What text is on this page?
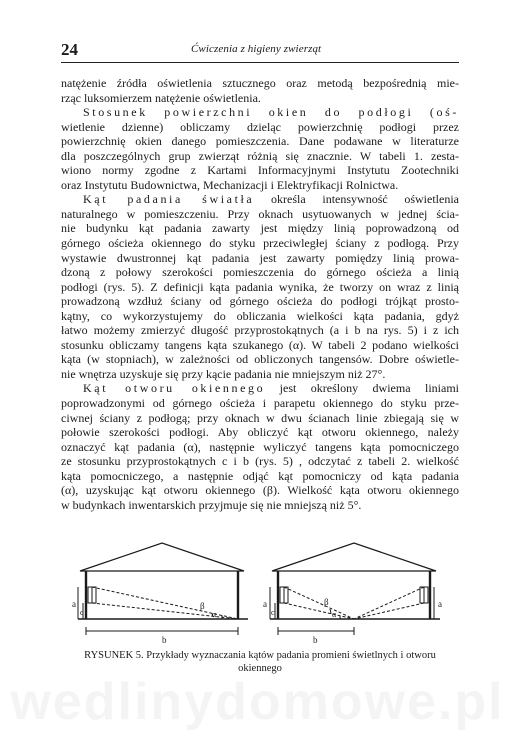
24	Ćwiczenia z higieny zwierząt
natężenie źródła oświetlenia sztucznego oraz metodą bezpośrednią mie-
rząc luksomierzem natężenie oświetlenia.
Stosunek powierzchni okien do podłogi (oś-
wietlenie dzienne) obliczamy dzieląc powierzchnię podłogi przez
powierzchnię okien danego pomieszczenia. Dane podawane w literaturze
dla poszczególnych grup zwierząt różnią się znacznie. W tabeli 1. zesta-
wiono normy zgodne z Kartami Informacyjnymi Instytutu Zootechniki
oraz Instytutu Budownictwa, Mechanizacji i Elektryfikacji Rolnictwa.
Kąt padania światła określa intensywność oświetlenia
naturalnego w pomieszczeniu. Przy oknach usytuowanych w jednej ścia-
nie budynku kąt padania zawarty jest między linią poprowadzoną od
górnego ościeża okiennego do styku przeciwległej ściany z podłogą. Przy
wystawie dwustronnej kąt padania jest zawarty pomiędzy linią prowa-
dzoną z połowy szerokości pomieszczenia do górnego ościeża a linią
podłogi (rys. 5). Z definicji kąta padania wynika, że tworzy on wraz z linią
prowadzoną wzdłuż ściany od górnego ościeża do podłogi trójkąt prosto-
kątny, co wykorzystujemy do obliczania wielkości kąta padania, gdyż
łatwo możemy zmierzyć długość przyprostokątnych (a i b na rys. 5) i z ich
stosunku obliczamy tangens kąta szukanego (α). W tabeli 2 podano wielkości
kąta (w stopniach), w zależności od obliczonych tangensów. Dobre oświetle-
nie wnętrza uzyskuje się przy kącie padania nie mniejszym niż 27°.
Kąt otworu okiennego jest określony dwiema liniami
poprowadzonymi od górnego ościeża i parapetu okiennego do styku prze-
ciwnej ściany z podłogą; przy oknach w dwu ścianach linie zbiegają się w
połowie szerokości podłogi. Aby obliczyć kąt otworu okiennego, należy
oznaczyć kąt padania (α), następnie wyliczyć tangens kąta pomocniczego
ze stosunku przyprostokątnych c i b (rys. 5) , odczytać z tabeli 2. wielkość
kąta pomocniczego, a następnie odjąć kąt pomocniczy od kąta padania
(α), uzyskując kąt otworu okiennego (β). Wielkość kąta otworu okiennego
w budynkach inwentarskich przyjmuje się nie mniejszą niż 5°.
a
c
b
β
α
a
c
a
b
β
α
RYSUNEK 5. Przykłady wyznaczania kątów padania promieni świetlnych i otworu
okiennego
